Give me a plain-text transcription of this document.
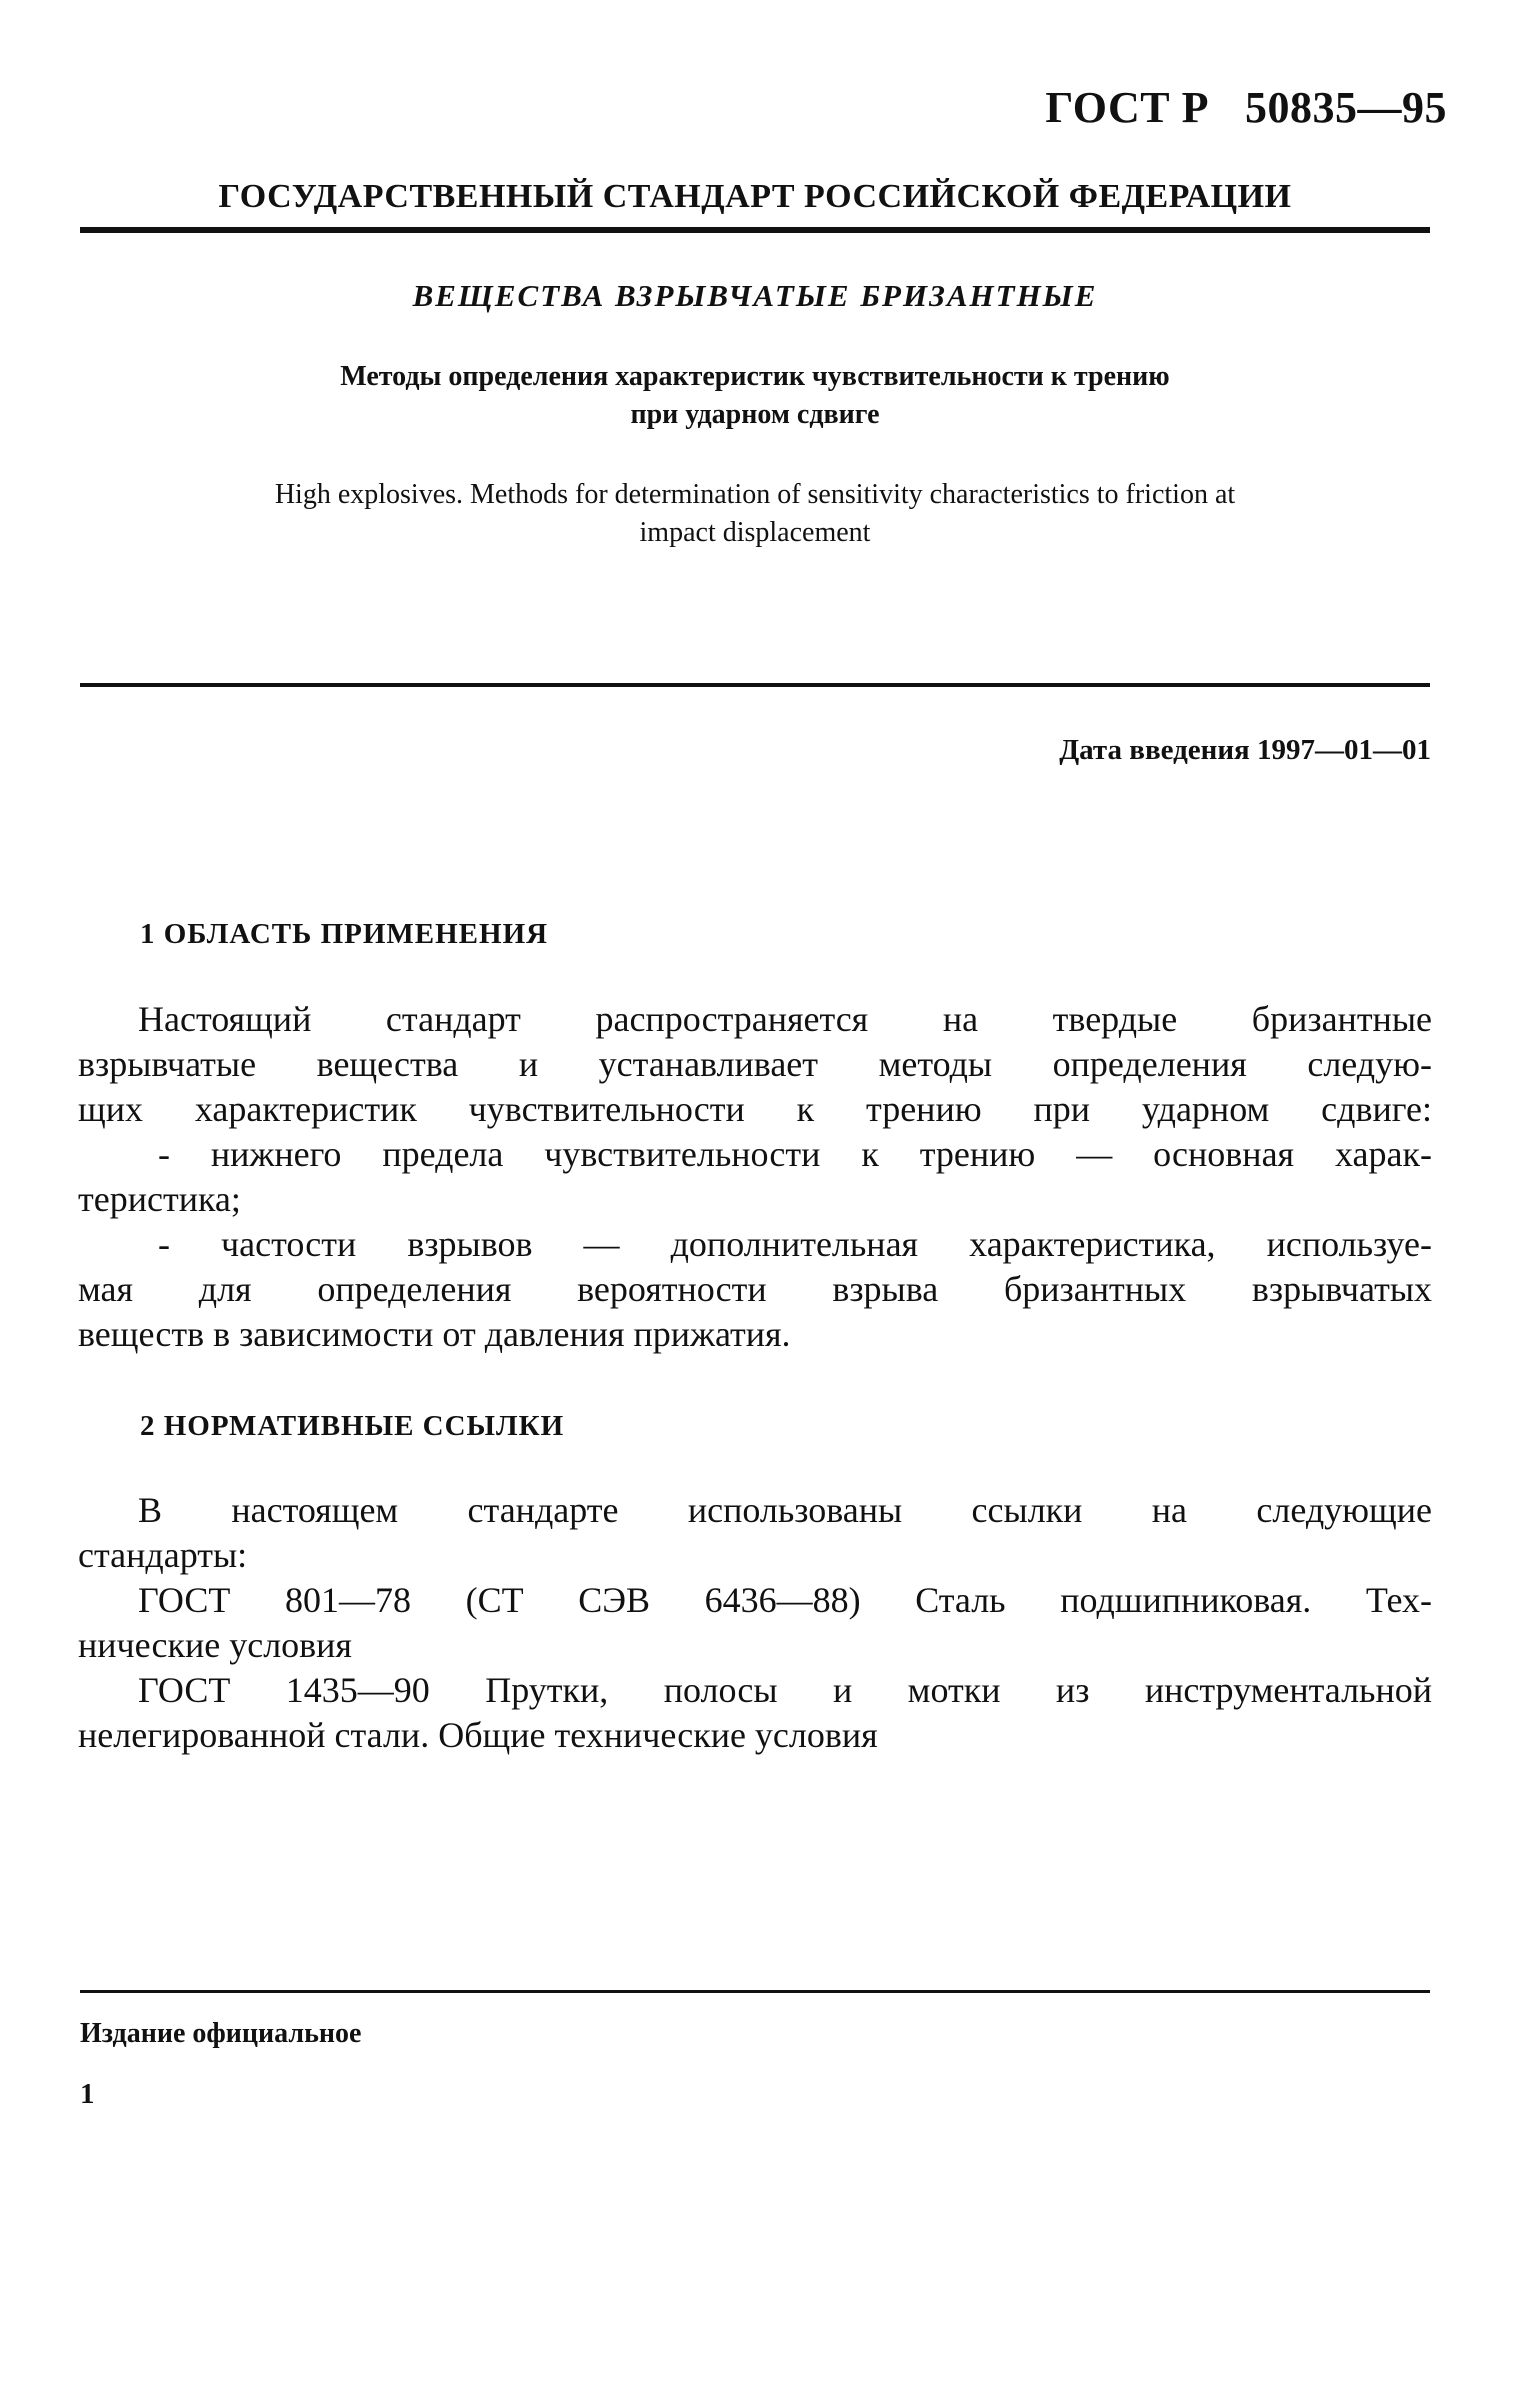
ГОСТ Р 50835—95
ГОСУДАРСТВЕННЫЙ СТАНДАРТ РОССИЙСКОЙ ФЕДЕРАЦИИ
ВЕЩЕСТВА ВЗРЫВЧАТЫЕ БРИЗАНТНЫЕ
Методы определения характеристик чувствительности к трению
при ударном сдвиге
High explosives. Methods for determination of sensitivity characteristics to friction at
impact displacement
Дата введения 1997—01—01
1 ОБЛАСТЬ ПРИМЕНЕНИЯ
Настоящий стандарт распространяется на твердые бризантные
взрывчатые вещества и устанавливает методы определения следую-
щих характеристик чувствительности к трению при ударном сдвиге:
- нижнего предела чувствительности к трению — основная харак-
теристика;
- частости взрывов — дополнительная характеристика, используе-
мая для определения вероятности взрыва бризантных взрывчатых
веществ в зависимости от давления прижатия.
2 НОРМАТИВНЫЕ ССЫЛКИ
В настоящем стандарте использованы ссылки на следующие
стандарты:
ГОСТ 801—78 (СТ СЭВ 6436—88) Сталь подшипниковая. Тех-
нические условия
ГОСТ 1435—90 Прутки, полосы и мотки из инструментальной
нелегированной стали. Общие технические условия
Издание официальное
1
